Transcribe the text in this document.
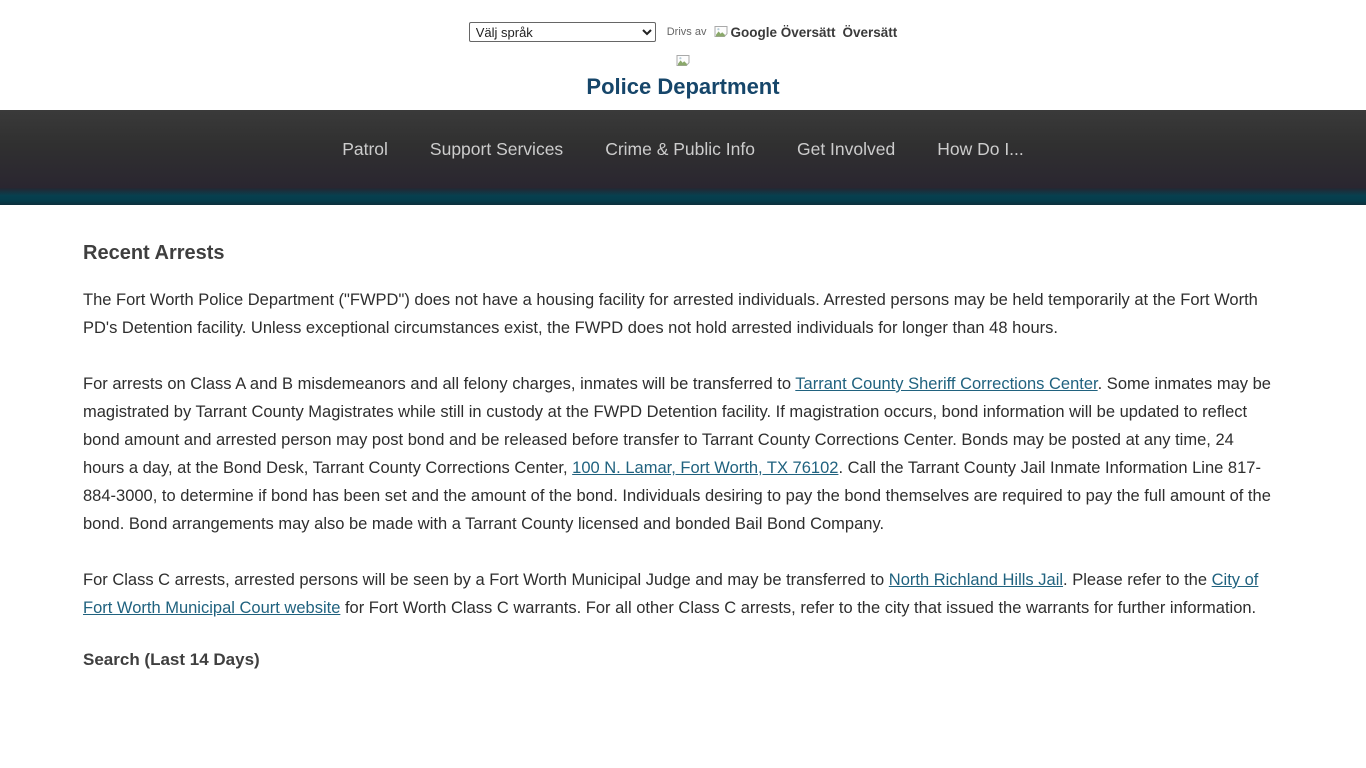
Välj språk
Drivs av Google Översätt Översätt
Police Department
Patrol	Support Services	Crime & Public Info	Get Involved	How Do I...
Recent Arrests

The Fort Worth Police Department ("FWPD") does not have a housing facility for arrested individuals. Arrested persons may be held temporarily at the Fort Worth PD's Detention facility. Unless exceptional circumstances exist, the FWPD does not hold arrested individuals for longer than 48 hours.

For arrests on Class A and B misdemeanors and all felony charges, inmates will be transferred to Tarrant County Sheriff Corrections Center. Some inmates may be magistrated by Tarrant County Magistrates while still in custody at the FWPD Detention facility. If magistration occurs, bond information will be updated to reflect bond amount and arrested person may post bond and be released before transfer to Tarrant County Corrections Center. Bonds may be posted at any time, 24 hours a day, at the Bond Desk, Tarrant County Corrections Center, 100 N. Lamar, Fort Worth, TX 76102. Call the Tarrant County Jail Inmate Information Line 817-884-3000, to determine if bond has been set and the amount of the bond. Individuals desiring to pay the bond themselves are required to pay the full amount of the bond. Bond arrangements may also be made with a Tarrant County licensed and bonded Bail Bond Company.

For Class C arrests, arrested persons will be seen by a Fort Worth Municipal Judge and may be transferred to North Richland Hills Jail. Please refer to the City of Fort Worth Municipal Court website for Fort Worth Class C warrants. For all other Class C arrests, refer to the city that issued the warrants for further information.

Search (Last 14 Days)
